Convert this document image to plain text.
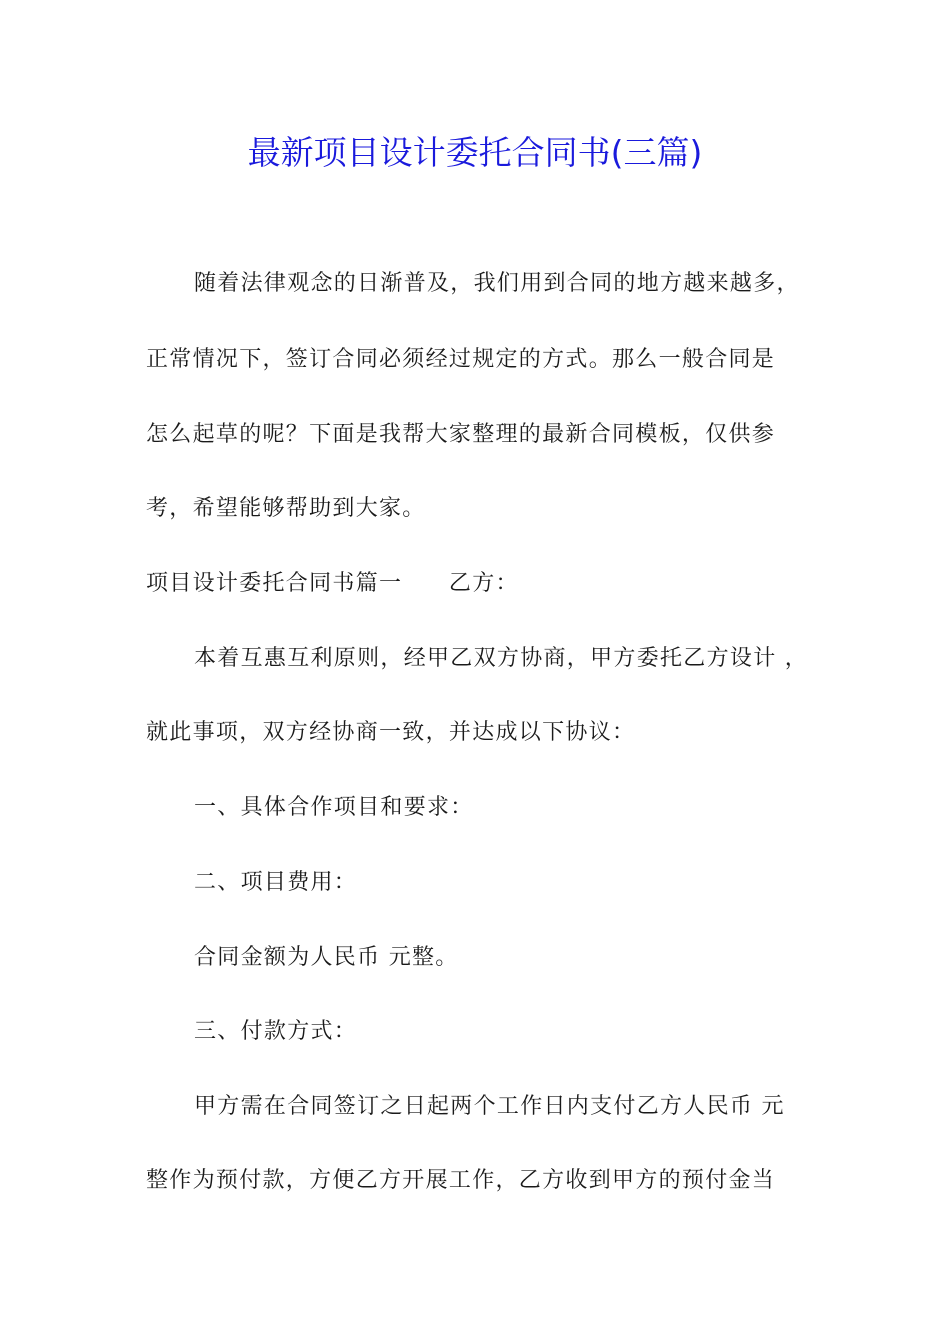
最新项目设计委托合同书(三篇)
随着法律观念的日渐普及，我们用到合同的地方越来越多，
正常情况下，签订合同必须经过规定的方式。那么一般合同是
怎么起草的呢？下面是我帮大家整理的最新合同模板，仅供参
考，希望能够帮助到大家。
项目设计委托合同书篇一　　乙方：
本着互惠互利原则，经甲乙双方协商，甲方委托乙方设计 ，
就此事项，双方经协商一致，并达成以下协议：
一、具体合作项目和要求：
二、项目费用：
合同金额为人民币 元整。
三、付款方式：
甲方需在合同签订之日起两个工作日内支付乙方人民币 元
整作为预付款，方便乙方开展工作，乙方收到甲方的预付金当
